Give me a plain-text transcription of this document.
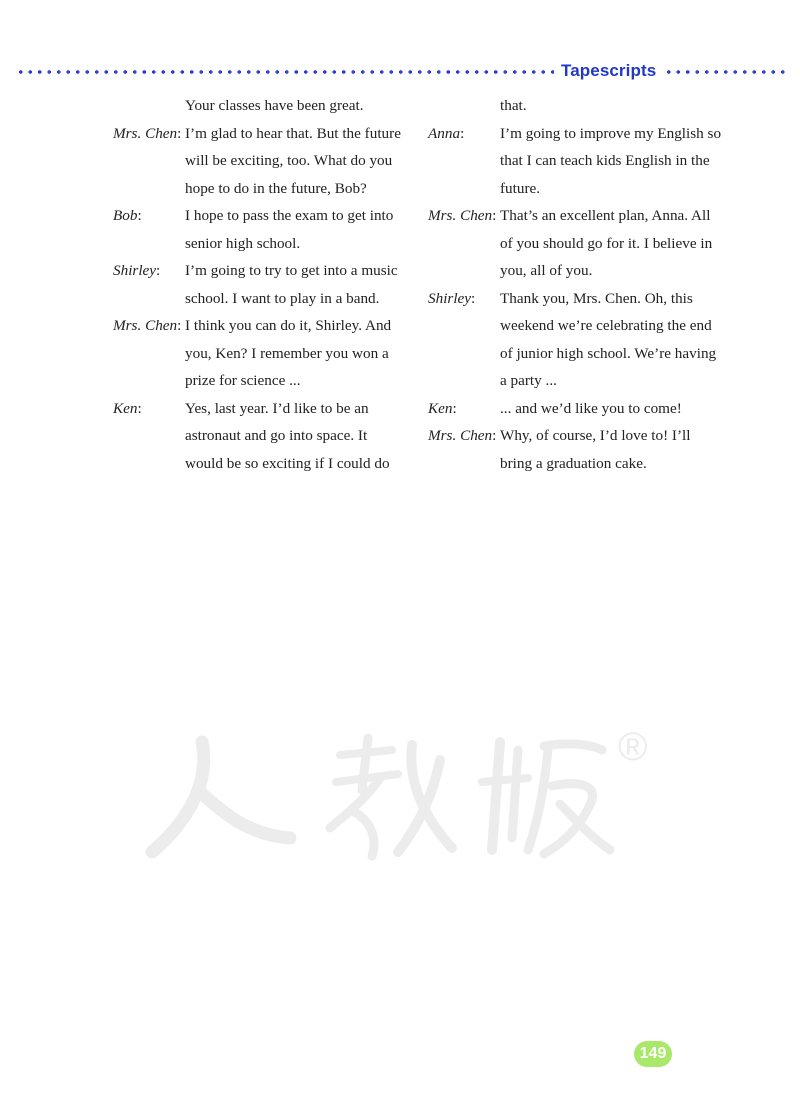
Tapescripts
Your classes have been great.
Mrs. Chen: I’m glad to hear that. But the future
will be exciting, too. What do you
hope to do in the future, Bob?
Bob:	I hope to pass the exam to get into
senior high school.
Shirley: I’m going to try to get into a music
school. I want to play in a band.
Mrs. Chen: I think you can do it, Shirley. And
you, Ken? I remember you won a
prize for science ...
Ken:	Yes, last year. I’d like to be an
astronaut and go into space. It
would be so exciting if I could do
that.
Anna: I’m going to improve my English so
that I can teach kids English in the
future.
Mrs. Chen: That’s an excellent plan, Anna. All
of you should go for it. I believe in
you, all of you.
Shirley: Thank you, Mrs. Chen. Oh, this
weekend we’re celebrating the end
of junior high school. We’re having
a party ...
Ken:	... and we’d like you to come!
Mrs. Chen: Why, of course, I’d love to! I’ll
bring a graduation cake.
®
149
